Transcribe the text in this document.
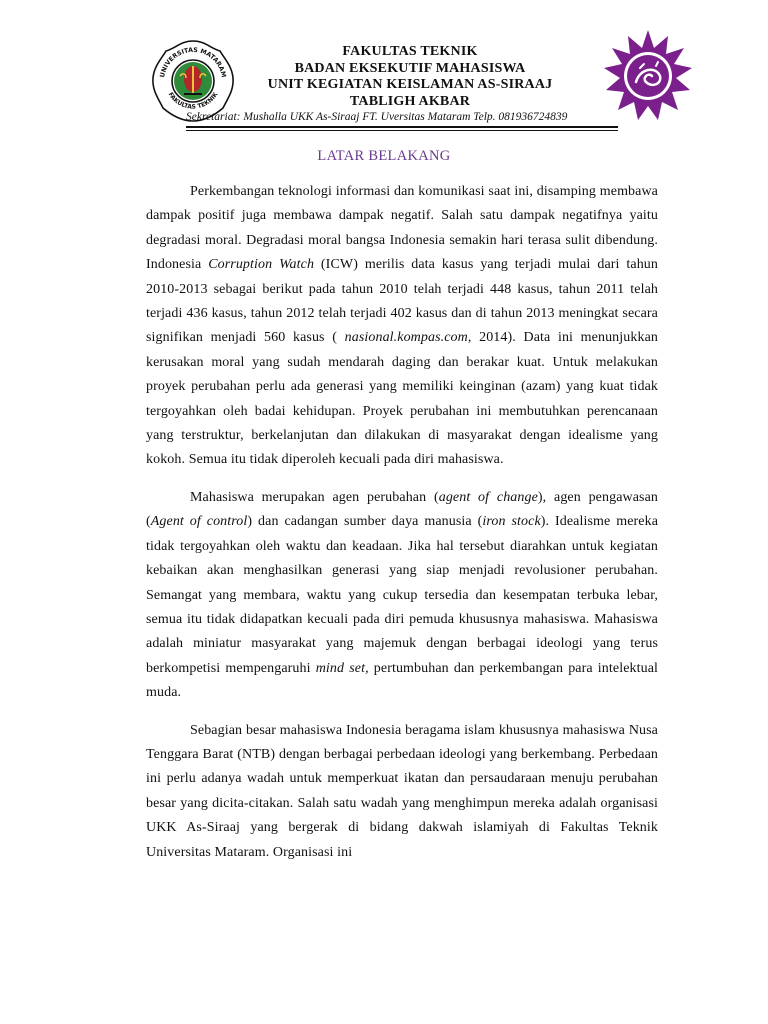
UNIVERSITAS MATARAM
FAKULTAS TEKNIK
FAKULTAS TEKNIK
BADAN EKSEKUTIF MAHASISWA
UNIT KEGIATAN KEISLAMAN AS-SIRAAJ
TABLIGH AKBAR
Sekretariat: Mushalla UKK As-Siraaj FT. Uversitas Mataram Telp. 081936724839
LATAR BELAKANG

Perkembangan teknologi informasi dan komunikasi saat ini, disamping membawa dampak positif juga membawa dampak negatif. Salah satu dampak negatifnya yaitu degradasi moral. Degradasi moral bangsa Indonesia semakin hari terasa sulit dibendung. Indonesia Corruption Watch (ICW) merilis data kasus yang terjadi mulai dari tahun 2010-2013 sebagai berikut pada tahun 2010 telah terjadi 448 kasus, tahun 2011 telah terjadi 436 kasus, tahun 2012 telah terjadi 402 kasus dan di tahun 2013 meningkat secara signifikan menjadi 560 kasus ( nasional.kompas.com, 2014). Data ini menunjukkan kerusakan moral yang sudah mendarah daging dan berakar kuat. Untuk melakukan proyek perubahan perlu ada generasi yang memiliki keinginan (azam) yang kuat tidak tergoyahkan oleh badai kehidupan. Proyek perubahan ini membutuhkan perencanaan yang terstruktur, berkelanjutan dan dilakukan di masyarakat dengan idealisme yang kokoh. Semua itu tidak diperoleh kecuali pada diri mahasiswa.

Mahasiswa merupakan agen perubahan (agent of change), agen pengawasan (Agent of control) dan cadangan sumber daya manusia (iron stock). Idealisme mereka tidak tergoyahkan oleh waktu dan keadaan. Jika hal tersebut diarahkan untuk kegiatan kebaikan akan menghasilkan generasi yang siap menjadi revolusioner perubahan. Semangat yang membara, waktu yang cukup tersedia dan kesempatan terbuka lebar, semua itu tidak didapatkan kecuali pada diri pemuda khususnya mahasiswa. Mahasiswa adalah miniatur masyarakat yang majemuk dengan berbagai ideologi yang terus berkompetisi mempengaruhi mind set, pertumbuhan dan perkembangan para intelektual muda.

Sebagian besar mahasiswa Indonesia beragama islam khususnya mahasiswa Nusa Tenggara Barat (NTB) dengan berbagai perbedaan ideologi yang berkembang. Perbedaan ini perlu adanya wadah untuk memperkuat ikatan dan persaudaraan menuju perubahan besar yang dicita-citakan. Salah satu wadah yang menghimpun mereka adalah organisasi UKK As-Siraaj yang bergerak di bidang dakwah islamiyah di Fakultas Teknik Universitas Mataram. Organisasi ini
